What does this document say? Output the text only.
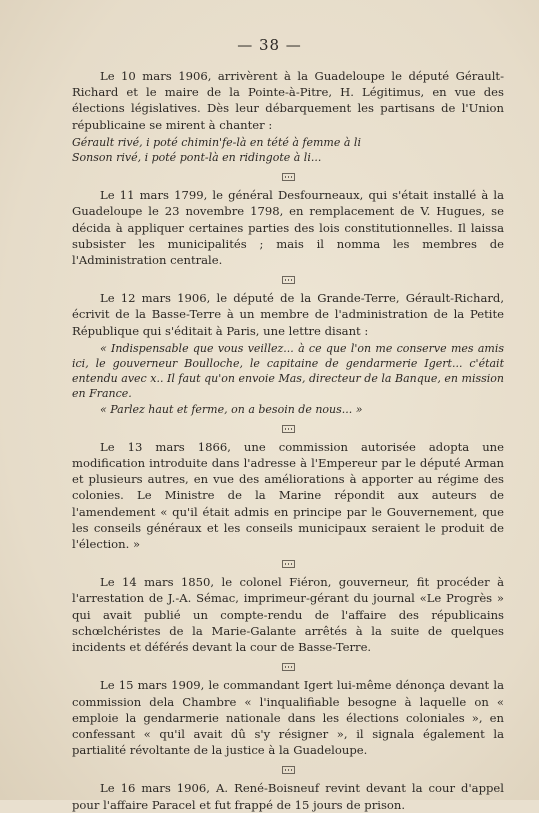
— 38 —

Le 10 mars 1906, arrivèrent à la Guadeloupe le député Gérault-Richard et le maire de la Pointe-à-Pitre, H. Légitimus, en vue des élections législatives. Dès leur débarquement les partisans de l'Union républicaine se mirent à chanter :

Gérault rivé, i poté chimin'fe-là en tété à femme à li

Sonson rivé, i poté pont-là en ridingote à li...

Le 11 mars 1799, le général Desfourneaux, qui s'était installé à la Guadeloupe le 23 novembre 1798, en remplacement de V. Hugues, se décida à appliquer certaines parties des lois constitutionnelles. Il laissa subsister les municipalités ; mais il nomma les membres de l'Administration centrale.

Le 12 mars 1906, le député de la Grande-Terre, Gérault-Richard, écrivit de la Basse-Terre à un membre de l'administration de la Petite République qui s'éditait à Paris, une lettre disant :

« Indispensable que vous veillez... à ce que l'on me conserve mes amis ici, le gouverneur Boulloche, le capitaine de gendarmerie Igert... c'était entendu avec x.. Il faut qu'on envoie Mas, directeur de la Banque, en mission en France.

« Parlez haut et ferme, on a besoin de nous... »

Le 13 mars 1866, une commission autorisée adopta une modification introduite dans l'adresse à l'Empereur par le député Arman et plusieurs autres, en vue des améliorations à apporter au régime des colonies. Le Ministre de la Marine répondit aux auteurs de l'amendement « qu'il était admis en principe par le Gouvernement, que les conseils généraux et les conseils municipaux seraient le produit de l'élection. »

Le 14 mars 1850, le colonel Fiéron, gouverneur, fit procéder à l'arrestation de J.-A. Sémac, imprimeur-gérant du journal «Le Progrès » qui avait publié un compte-rendu de l'affaire des républicains schœlchéristes de la Marie-Galante arrêtés à la suite de quelques incidents et déférés devant la cour de Basse-Terre.

Le 15 mars 1909, le commandant Igert lui-même dénonça devant la commission dela Chambre « l'inqualifiable besogne à laquelle on « emploie la gendarmerie nationale dans les élections coloniales », en confessant « qu'il avait dû s'y résigner », il signala également la partialité révoltante de la justice à la Guadeloupe.

Le 16 mars 1906, A. René-Boisneuf revint devant la cour d'appel pour l'affaire Paracel et fut frappé de 15 jours de prison.
